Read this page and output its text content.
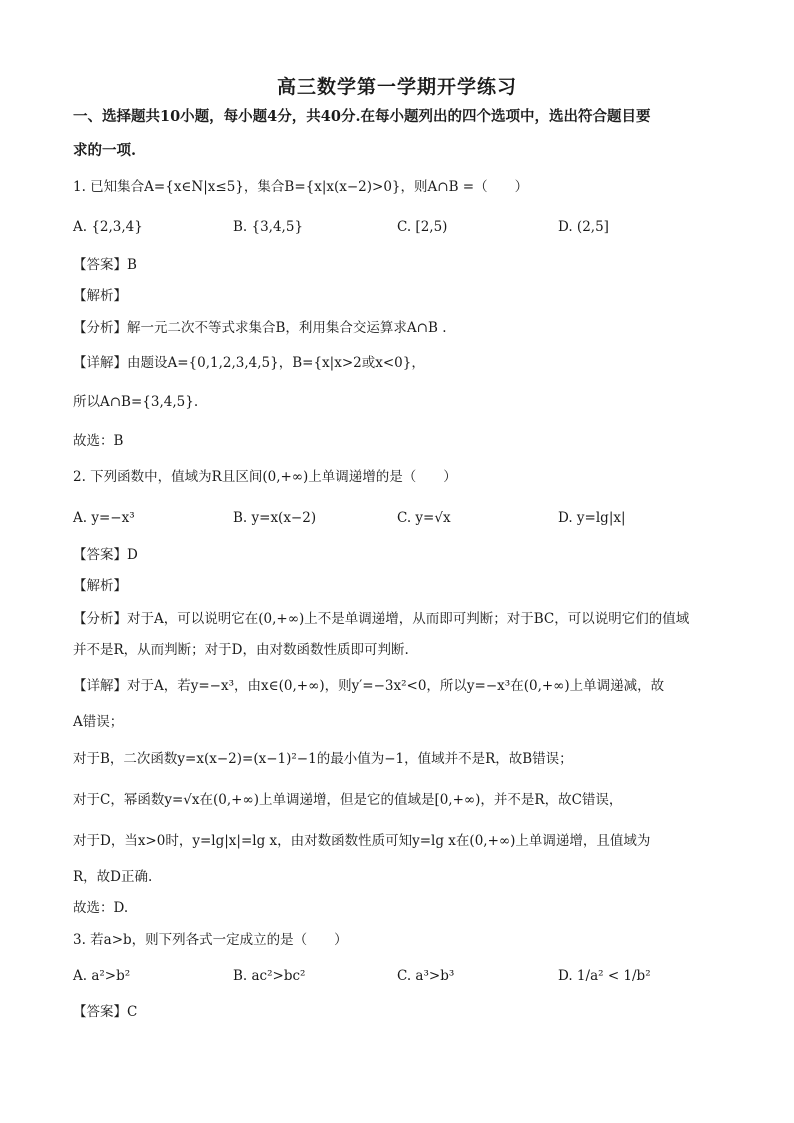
高三数学第一学期开学练习
一、选择题共10小题，每小题4分，共40分.在每小题列出的四个选项中，选出符合题目要
求的一项.
1. 已知集合A={x∈N|x≤5}，集合B={x|x(x−2)>0}，则A∩B =（　　）
A. {2,3,4}	B. {3,4,5}	C. [2,5)	D. (2,5]
【答案】B
【解析】
【分析】解一元二次不等式求集合B，利用集合交运算求A∩B .
【详解】由题设A={0,1,2,3,4,5}，B={x|x>2或x<0}，
所以A∩B={3,4,5}.
故选：B
2. 下列函数中，值域为R且区间(0,+∞)上单调递增的是（　　）
A. y=−x³	B. y=x(x−2)	C. y=√x	D. y=lg|x|
【答案】D
【解析】
【分析】对于A，可以说明它在(0,+∞)上不是单调递增，从而即可判断；对于BC，可以说明它们的值域
并不是R，从而判断；对于D，由对数函数性质即可判断.
【详解】对于A，若y=−x³，由x∈(0,+∞)，则y′=−3x²<0，所以y=−x³在(0,+∞)上单调递减，故
A错误；
对于B，二次函数y=x(x−2)=(x−1)²−1的最小值为−1，值域并不是R，故B错误；
对于C，幂函数y=√x在(0,+∞)上单调递增，但是它的值域是[0,+∞)，并不是R，故C错误，
对于D，当x>0时，y=lg|x|=lg x，由对数函数性质可知y=lg x在(0,+∞)上单调递增，且值域为
R，故D正确.
故选：D.
3. 若a>b，则下列各式一定成立的是（　　）
A. a²>b²	B. ac²>bc²	C. a³>b³	D. 1/a² < 1/b²
【答案】C
